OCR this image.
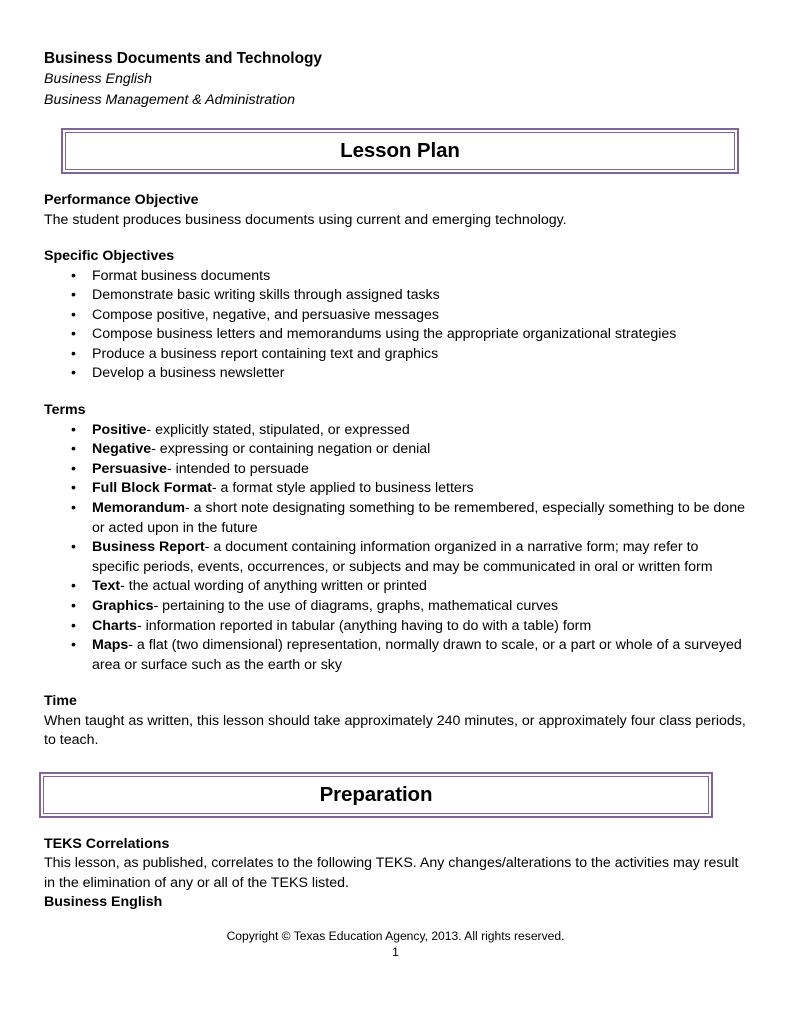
Business Documents and Technology
Business English
Business Management & Administration
Lesson Plan
Performance Objective
The student produces business documents using current and emerging technology.
Specific Objectives
• Format business documents
• Demonstrate basic writing skills through assigned tasks
• Compose positive, negative, and persuasive messages
• Compose business letters and memorandums using the appropriate organizational strategies
• Produce a business report containing text and graphics
• Develop a business newsletter
Terms
• Positive- explicitly stated, stipulated, or expressed
• Negative- expressing or containing negation or denial
• Persuasive- intended to persuade
• Full Block Format- a format style applied to business letters
• Memorandum- a short note designating something to be remembered, especially something to be done or acted upon in the future
• Business Report- a document containing information organized in a narrative form; may refer to specific periods, events, occurrences, or subjects and may be communicated in oral or written form
• Text- the actual wording of anything written or printed
• Graphics- pertaining to the use of diagrams, graphs, mathematical curves
• Charts- information reported in tabular (anything having to do with a table) form
• Maps- a flat (two dimensional) representation, normally drawn to scale, or a part or whole of a surveyed area or surface such as the earth or sky
Time
When taught as written, this lesson should take approximately 240 minutes, or approximately four class periods, to teach.
Preparation
TEKS Correlations
This lesson, as published, correlates to the following TEKS. Any changes/alterations to the activities may result in the elimination of any or all of the TEKS listed.
Business English
Copyright © Texas Education Agency, 2013. All rights reserved.
1
